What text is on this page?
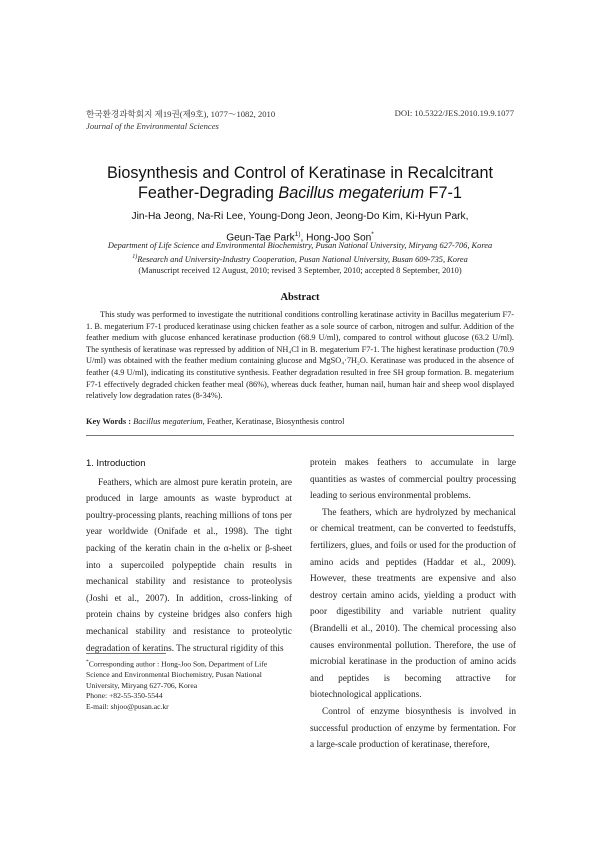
한국환경과학회지 제19권(제9호), 1077～1082, 2010
Journal of the Environmental Sciences
DOI: 10.5322/JES.2010.19.9.1077
Biosynthesis and Control of Keratinase in Recalcitrant
Feather-Degrading Bacillus megaterium F7-1
Jin-Ha Jeong, Na-Ri Lee, Young-Dong Jeon, Jeong-Do Kim, Ki-Hyun Park,
Geun-Tae Park$^{1)}$, Hong-Joo Son*
Department of Life Science and Environmental Biochemistry, Pusan National University, Miryang 627-706, Korea
$^{1)}$Research and University-Industry Cooperation, Pusan National University, Busan 609-735, Korea
(Manuscript received 12 August, 2010; revised 3 September, 2010; accepted 8 September, 2010)
Abstract
This study was performed to investigate the nutritional conditions controlling keratinase activity in Bacillus megaterium F7-1. B. megaterium F7-1 produced keratinase using chicken feather as a sole source of carbon, nitrogen and sulfur. Addition of the feather medium with glucose enhanced keratinase production (68.9 U/ml), compared to control without glucose (63.2 U/ml). The synthesis of keratinase was repressed by addition of NH₄Cl in B. megaterium F7-1. The highest keratinase production (70.9 U/ml) was obtained with the feather medium containing glucose and MgSO₄·7H₂O. Keratinase was produced in the absence of feather (4.9 U/ml), indicating its constitutive synthesis. Feather degradation resulted in free SH group formation. B. megaterium F7-1 effectively degraded chicken feather meal (86%), whereas duck feather, human nail, human hair and sheep wool displayed relatively low degradation rates (8-34%).
Key Words : Bacillus megaterium, Feather, Keratinase, Biosynthesis control
1. Introduction

Feathers, which are almost pure keratin protein, are produced in large amounts as waste byproduct at poultry-processing plants, reaching millions of tons per year worldwide (Onifade et al., 1998). The tight packing of the keratin chain in the α-helix or β-sheet into a supercoiled polypeptide chain results in mechanical stability and resistance to proteolysis (Joshi et al., 2007). In addition, cross-linking of protein chains by cysteine bridges also confers high mechanical stability and resistance to proteolytic degradation of keratins. The structural rigidity of this

protein makes feathers to accumulate in large quantities as wastes of commercial poultry processing leading to serious environmental problems.

The feathers, which are hydrolyzed by mechanical or chemical treatment, can be converted to feedstuffs, fertilizers, glues, and foils or used for the production of amino acids and peptides (Haddar et al., 2009). However, these treatments are expensive and also destroy certain amino acids, yielding a product with poor digestibility and variable nutrient quality (Brandelli et al., 2010). The chemical processing also causes environmental pollution. Therefore, the use of microbial keratinase in the production of amino acids and peptides is becoming attractive for biotechnological applications.

Control of enzyme biosynthesis is involved in successful production of enzyme by fermentation. For a large-scale production of keratinase, therefore,

*Corresponding author : Hong-Joo Son, Department of Life Science and Environmental Biochemistry, Pusan National University, Miryang 627-706, Korea
Phone: +82-55-350-5544
E-mail: shjoo@pusan.ac.kr
